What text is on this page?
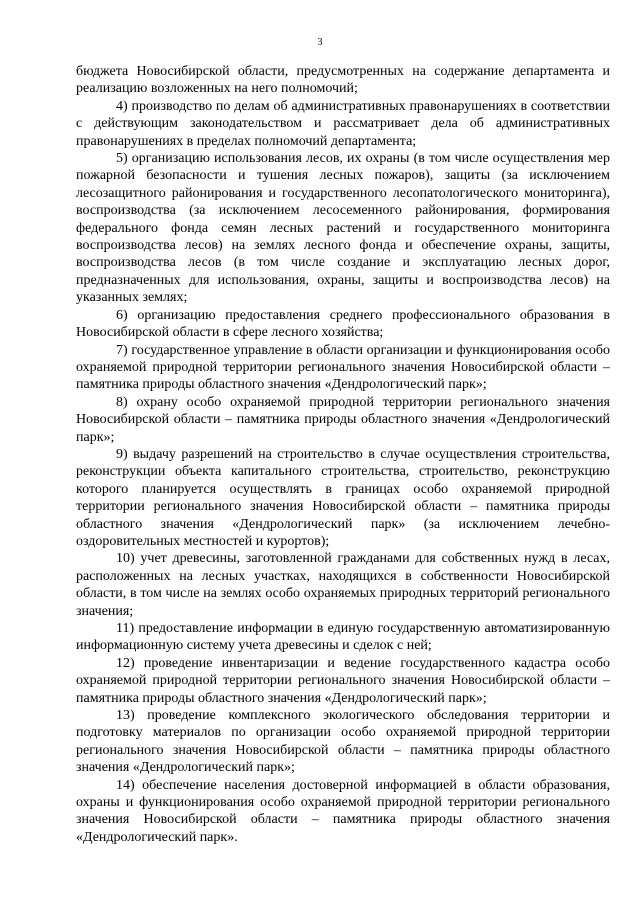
3

бюджета Новосибирской области, предусмотренных на содержание департамента и реализацию возложенных на него полномочий;

4) производство по делам об административных правонарушениях в соответствии с действующим законодательством и рассматривает дела об административных правонарушениях в пределах полномочий департамента;

5) организацию использования лесов, их охраны (в том числе осуществления мер пожарной безопасности и тушения лесных пожаров), защиты (за исключением лесозащитного районирования и государственного лесопатологического мониторинга), воспроизводства (за исключением лесосеменного районирования, формирования федерального фонда семян лесных растений и государственного мониторинга воспроизводства лесов) на землях лесного фонда и обеспечение охраны, защиты, воспроизводства лесов (в том числе создание и эксплуатацию лесных дорог, предназначенных для использования, охраны, защиты и воспроизводства лесов) на указанных землях;

6) организацию предоставления среднего профессионального образования в Новосибирской области в сфере лесного хозяйства;

7) государственное управление в области организации и функционирования особо охраняемой природной территории регионального значения Новосибирской области – памятника природы областного значения «Дендрологический парк»;

8) охрану особо охраняемой природной территории регионального значения Новосибирской области – памятника природы областного значения «Дендрологический парк»;

9) выдачу разрешений на строительство в случае осуществления строительства, реконструкции объекта капитального строительства, строительство, реконструкцию которого планируется осуществлять в границах особо охраняемой природной территории регионального значения Новосибирской области – памятника природы областного значения «Дендрологический парк» (за исключением лечебно-оздоровительных местностей и курортов);

10) учет древесины, заготовленной гражданами для собственных нужд в лесах, расположенных на лесных участках, находящихся в собственности Новосибирской области, в том числе на землях особо охраняемых природных территорий регионального значения;

11) предоставление информации в единую государственную автоматизированную информационную систему учета древесины и сделок с ней;

12) проведение инвентаризации и ведение государственного кадастра особо охраняемой природной территории регионального значения Новосибирской области – памятника природы областного значения «Дендрологический парк»;

13) проведение комплексного экологического обследования территории и подготовку материалов по организации особо охраняемой природной территории регионального значения Новосибирской области – памятника природы областного значения «Дендрологический парк»;

14) обеспечение населения достоверной информацией в области образования, охраны и функционирования особо охраняемой природной территории регионального значения Новосибирской области – памятника природы областного значения «Дендрологический парк».
